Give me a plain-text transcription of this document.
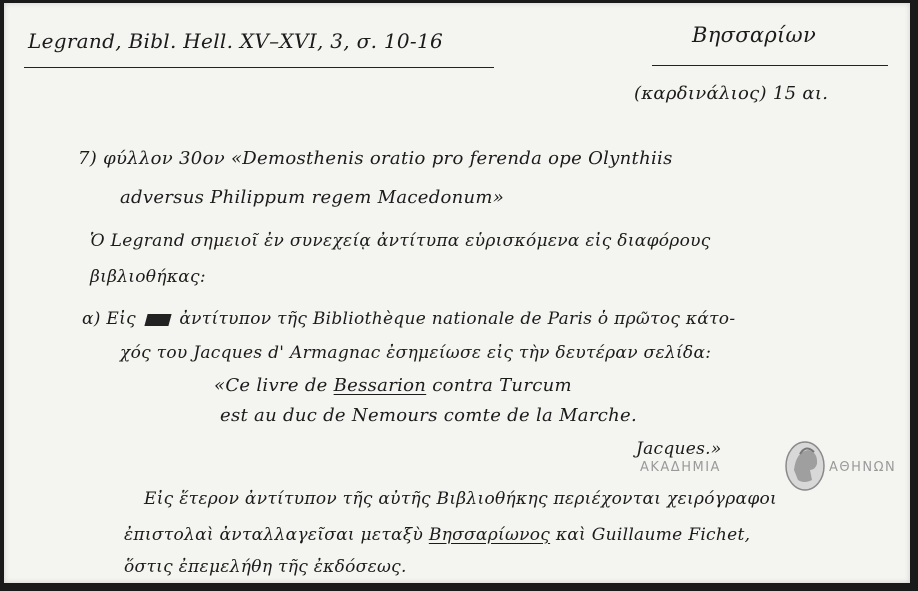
Legrand, Bibl. Hell. XV–XVI, 3, σ. 10-16	Βησσαρίων
(καρδινάλιος) 15 αι.
7) φύλλον 30ον «Demosthenis oratio pro ferenda ope Olynthiis
adversus Philippum regem Macedonum»
Ὁ Legrand σημειοῖ ἐν συνεχείᾳ ἀντίτυπα εὑρισκόμενα εἰς διαφόρους
βιβλιοθήκας:
α) Εἰς	ἀντίτυπον τῆς Bibliothèque nationale de Paris ὁ πρῶτος κάτο-
χός του Jacques d' Armagnac ἐσημείωσε εἰς τὴν δευτέραν σελίδα:
«Ce livre de Bessarion contra Turcum
est au duc de Nemours comte de la Marche.
Jacques.»
ΑΚΑΔΗΜΙΑ	ΑΘΗΝΩΝ
Εἰς ἕτερον ἀντίτυπον τῆς αὐτῆς Βιβλιοθήκης περιέχονται χειρόγραφοι
ἐπιστολαὶ ἀνταλλαγεῖσαι μεταξὺ Βησσαρίωνος καὶ Guillaume Fichet,
ὅστις ἐπεμελήθη τῆς ἐκδόσεως.
